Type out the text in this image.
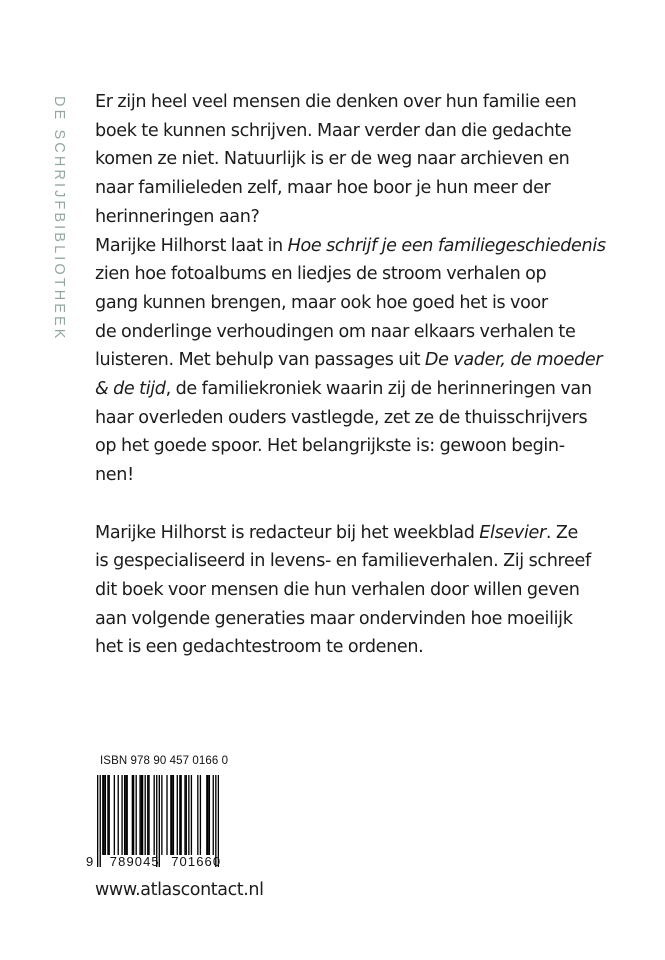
DE SCHRIJFBIBLIOTHEEK Er zijn heel veel mensen die denken over hun familie een
boek te kunnen schrijven. Maar verder dan die gedachte
komen ze niet. Natuurlijk is er de weg naar archieven en
naar familieleden zelf, maar hoe boor je hun meer der
herinneringen aan?

Marijke Hilhorst laat in Hoe schrijf je een familiegeschiedenis
zien hoe fotoalbums en liedjes de stroom verhalen op
gang kunnen brengen, maar ook hoe goed het is voor
de onderlinge verhoudingen om naar elkaars verhalen te
luisteren. Met behulp van passages uit De vader, de moeder
& de tijd, de familiekroniek waarin zij de herinneringen van
haar overleden ouders vastlegde, zet ze de thuisschrijvers
op het goede spoor. Het belangrijkste is: gewoon begin-
nen!

Marijke Hilhorst is redacteur bij het weekblad Elsevier. Ze
is gespecialiseerd in levens- en familieverhalen. Zij schreef
dit boek voor mensen die hun verhalen door willen geven
aan volgende generaties maar ondervinden hoe moeilijk
het is een gedachtestroom te ordenen.

ISBN 978 90 457 0166 0
9 789045 701660
www.atlascontact.nl
